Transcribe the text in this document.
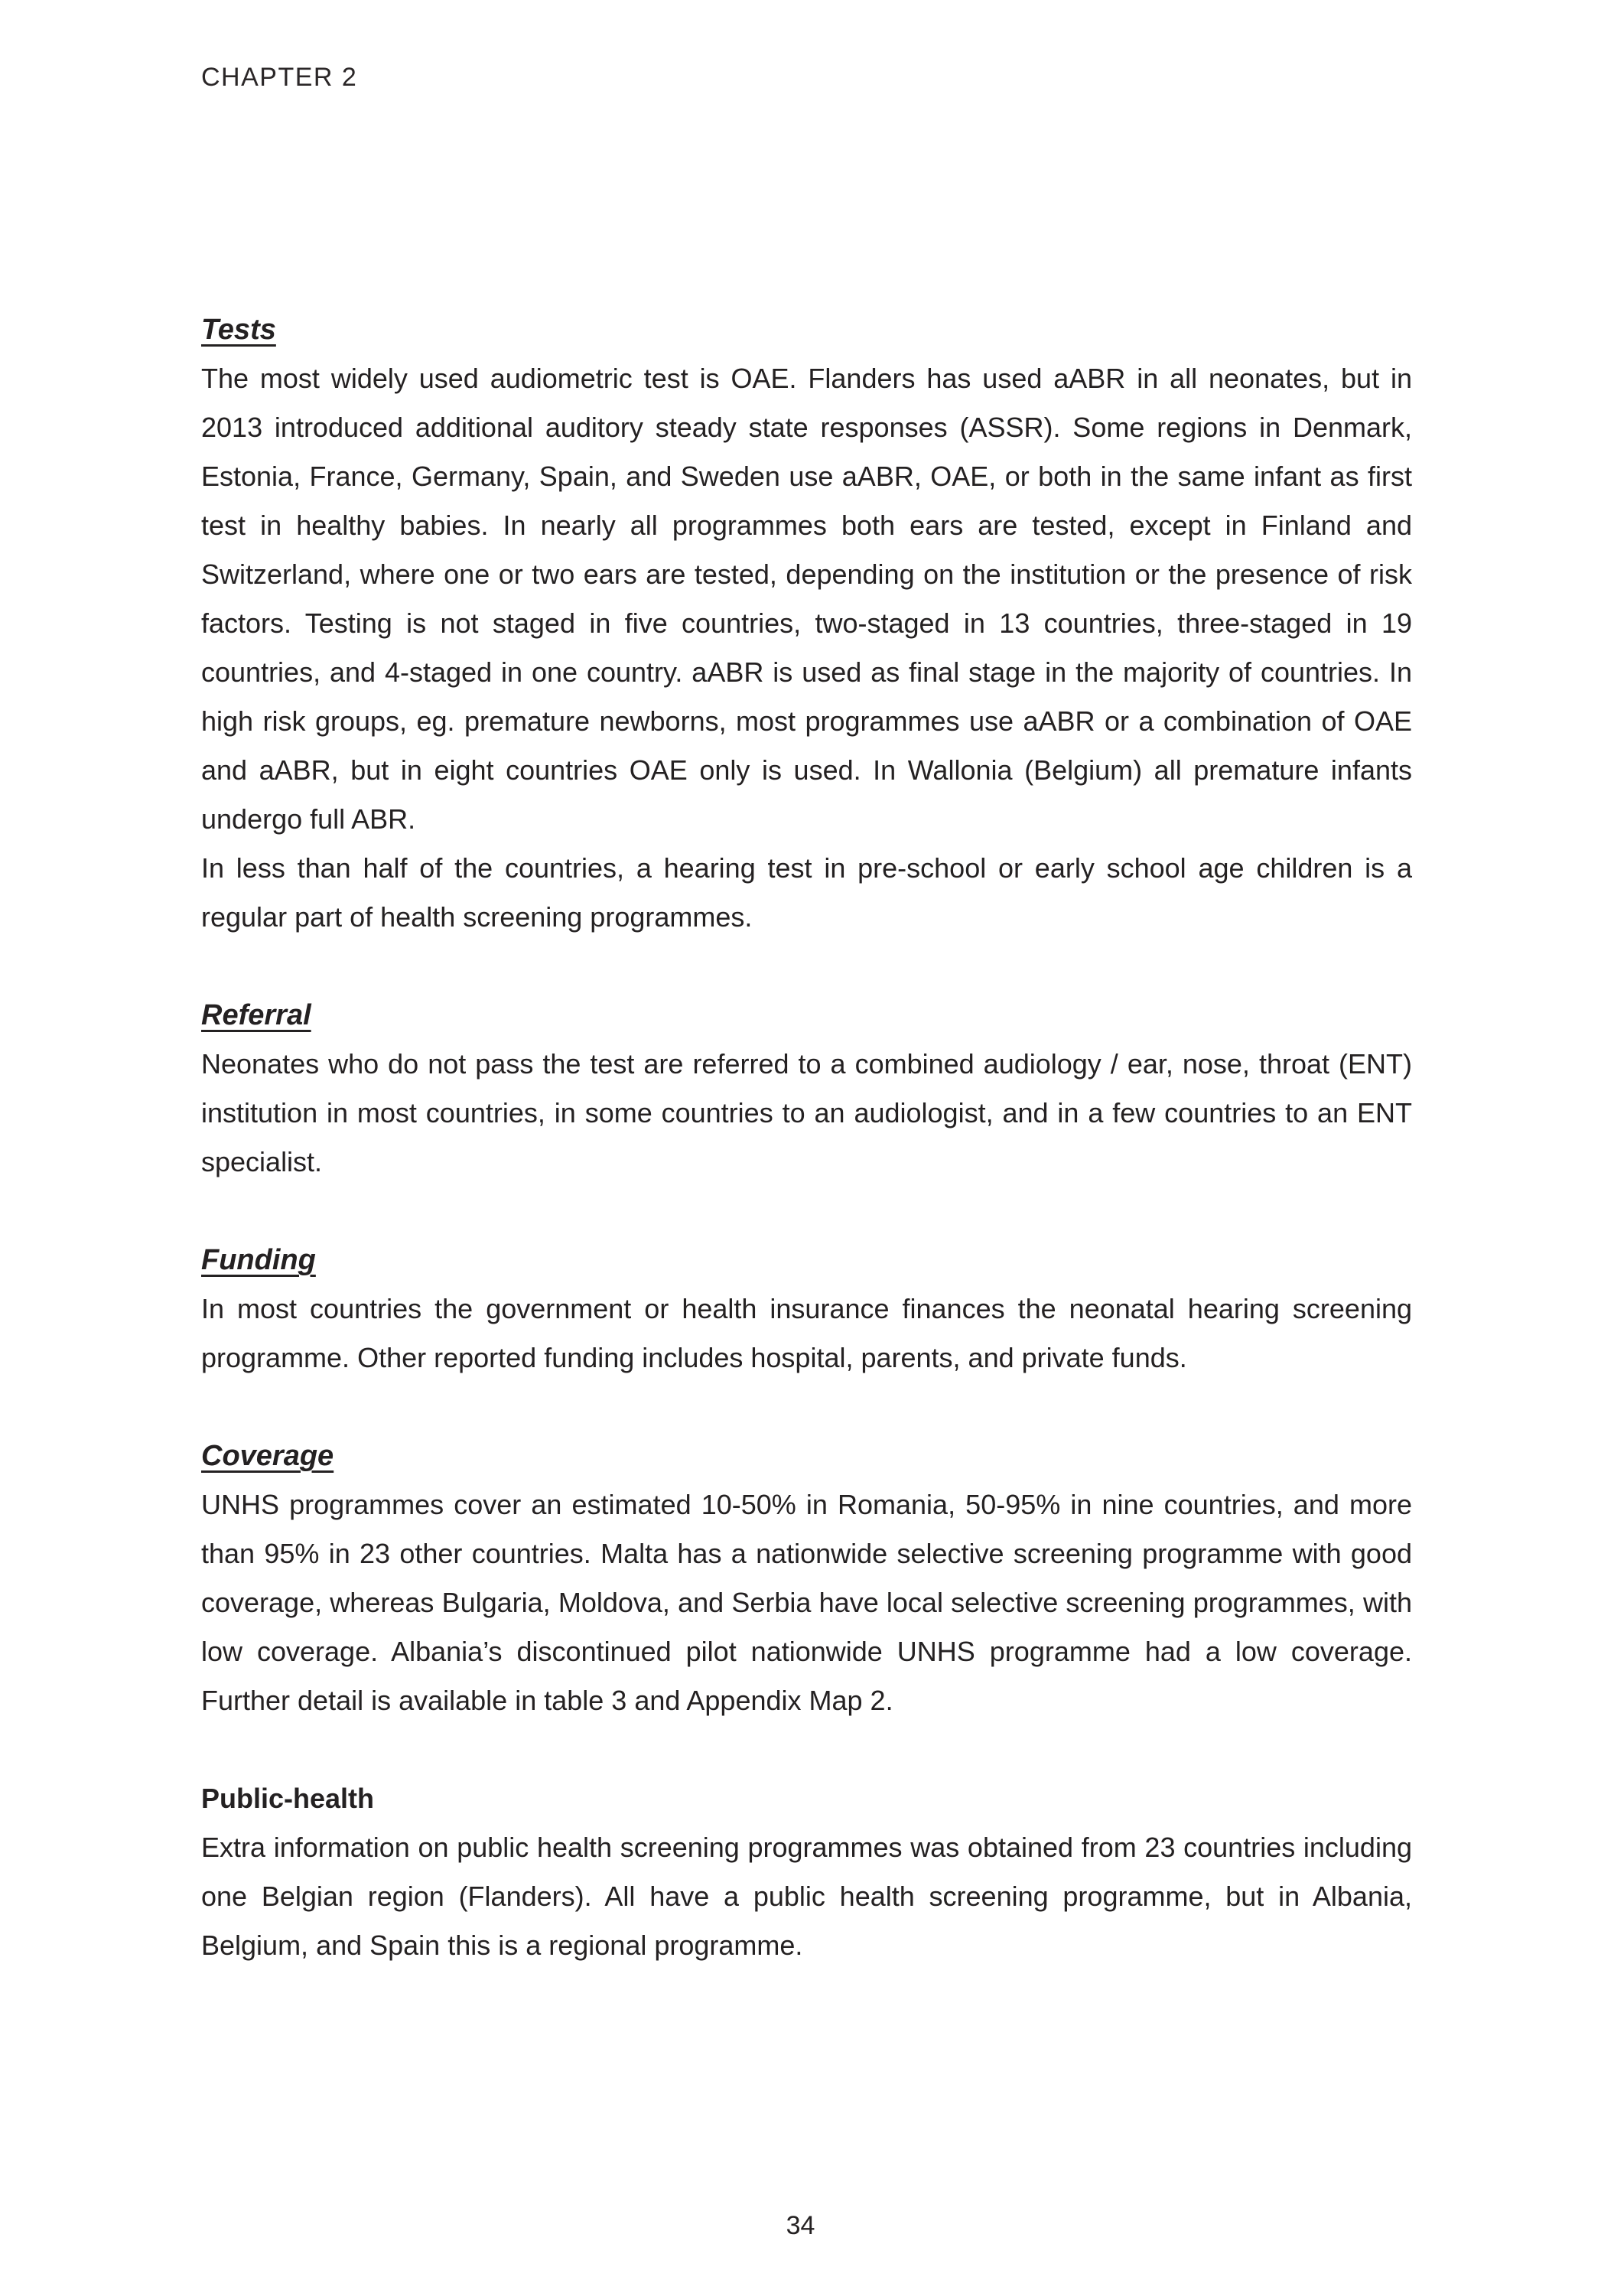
CHAPTER 2
Tests

The most widely used audiometric test is OAE. Flanders has used aABR in all neonates, but in 2013 introduced additional auditory steady state responses (ASSR). Some regions in Denmark, Estonia, France, Germany, Spain, and Sweden use aABR, OAE, or both in the same infant as first test in healthy babies. In nearly all programmes both ears are tested, except in Finland and Switzerland, where one or two ears are tested, depending on the institution or the presence of risk factors. Testing is not staged in five countries, two-staged in 13 countries, three-staged in 19 countries, and 4-staged in one country. aABR is used as final stage in the majority of countries. In high risk groups, eg. premature newborns, most programmes use aABR or a combination of OAE and aABR, but in eight countries OAE only is used. In Wallonia (Belgium) all premature infants undergo full ABR.

In less than half of the countries, a hearing test in pre-school or early school age children is a regular part of health screening programmes.

Referral

Neonates who do not pass the test are referred to a combined audiology / ear, nose, throat (ENT) institution in most countries, in some countries to an audiologist, and in a few countries to an ENT specialist.

Funding

In most countries the government or health insurance finances the neonatal hearing screening programme. Other reported funding includes hospital, parents, and private funds.

Coverage

UNHS programmes cover an estimated 10-50% in Romania, 50-95% in nine countries, and more than 95% in 23 other countries. Malta has a nationwide selective screening programme with good coverage, whereas Bulgaria, Moldova, and Serbia have local selective screening programmes, with low coverage. Albania’s discontinued pilot nationwide UNHS programme had a low coverage. Further detail is available in table 3 and Appendix Map 2.

Public-health

Extra information on public health screening programmes was obtained from 23 countries including one Belgian region (Flanders). All have a public health screening programme, but in Albania, Belgium, and Spain this is a regional programme.

34
